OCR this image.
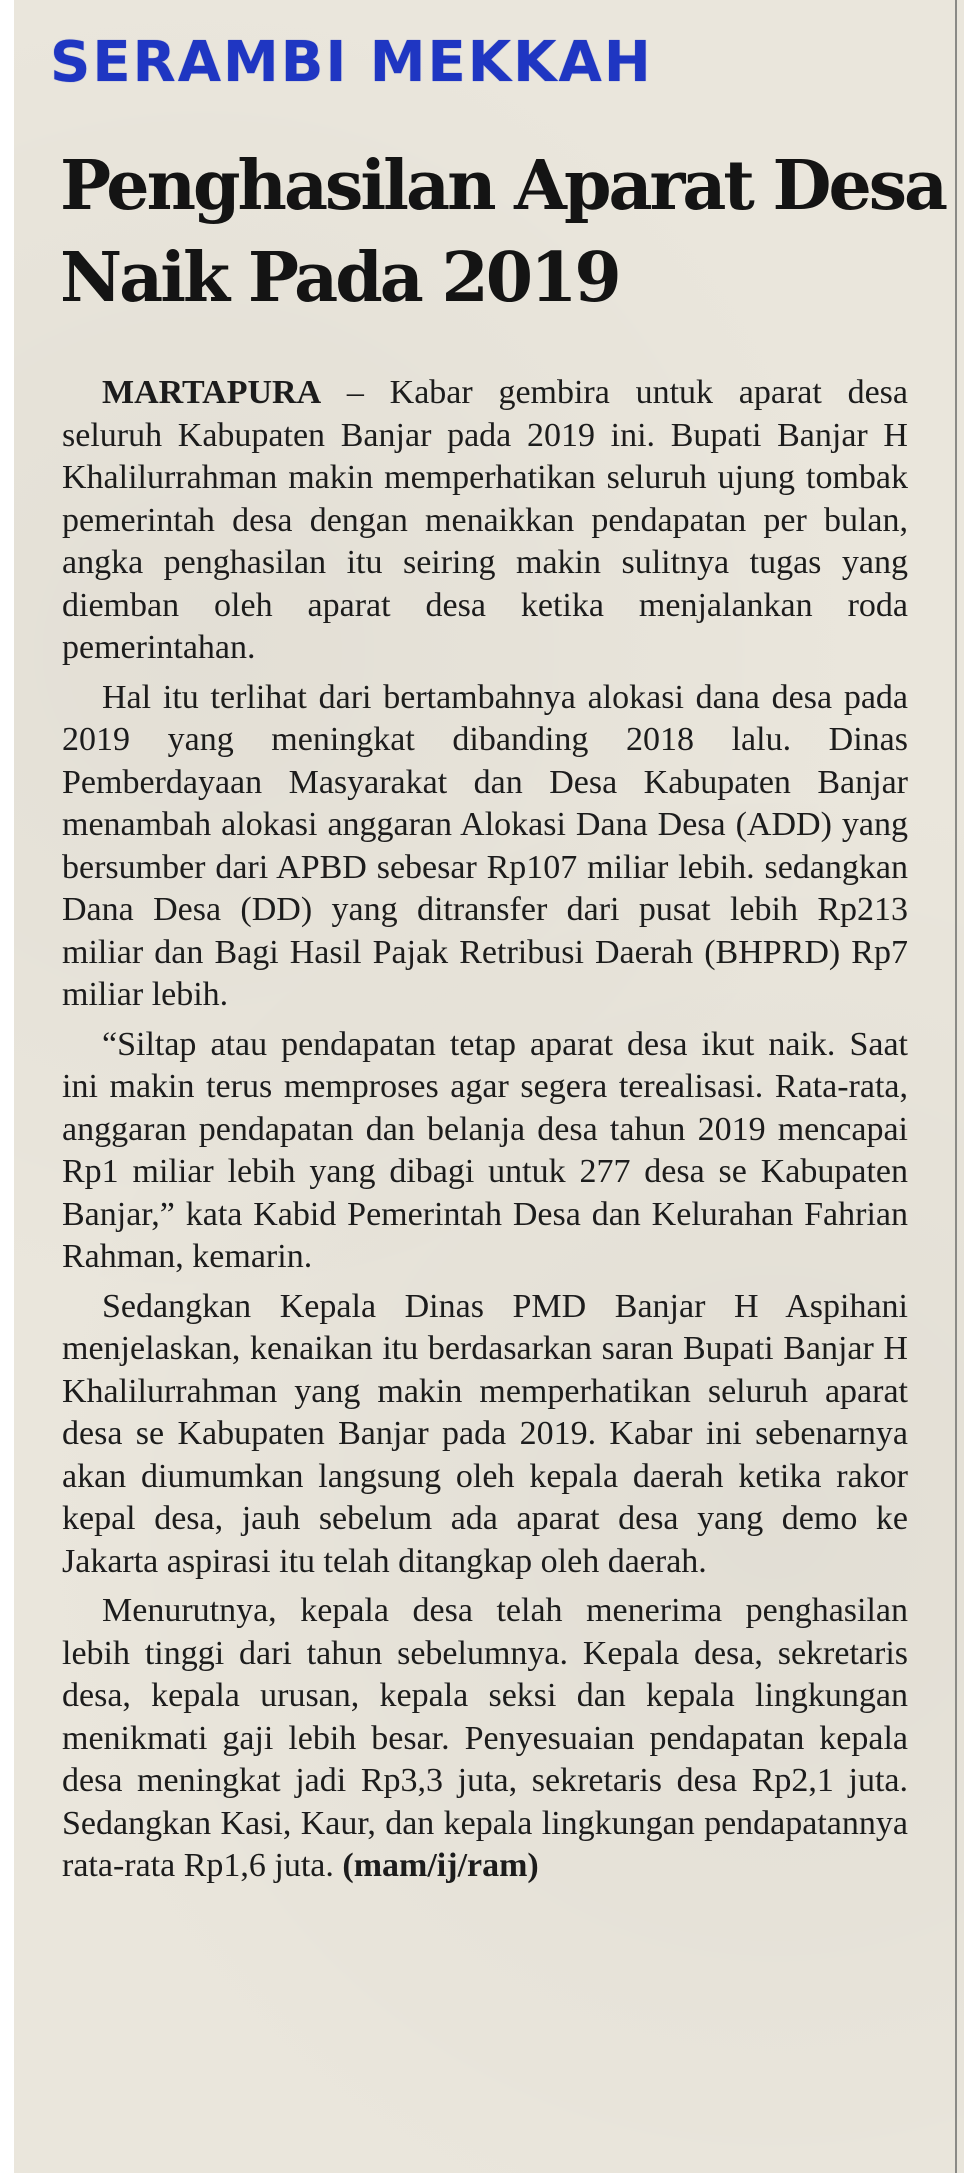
SERAMBI MEKKAH
Penghasilan Aparat Desa
Naik Pada 2019

MARTAPURA – Kabar gembira untuk aparat desa seluruh Kabupaten Banjar pada 2019 ini. Bupati Banjar H Khalilurrahman makin memperhatikan seluruh ujung tombak pemerintah desa dengan menaikkan pendapatan per bulan, angka penghasilan itu seiring makin sulitnya tugas yang diemban oleh aparat desa ketika menjalankan roda pemerintahan.

Hal itu terlihat dari bertambahnya alokasi dana desa pada 2019 yang meningkat dibanding 2018 lalu. Dinas Pemberdayaan Masyarakat dan Desa Kabupaten Banjar menambah alokasi anggaran Alokasi Dana Desa (ADD) yang bersumber dari APBD sebesar Rp107 miliar lebih. sedangkan Dana Desa (DD) yang ditransfer dari pusat lebih Rp213 miliar dan Bagi Hasil Pajak Retribusi Daerah (BHPRD) Rp7 miliar lebih.

“Siltap atau pendapatan tetap aparat desa ikut naik. Saat ini makin terus memproses agar segera terealisasi. Rata-rata, anggaran pendapatan dan belanja desa tahun 2019 mencapai Rp1 miliar lebih yang dibagi untuk 277 desa se Kabupaten Banjar,” kata Kabid Pemerintah Desa dan Kelurahan Fahrian Rahman, kemarin.

Sedangkan Kepala Dinas PMD Banjar H Aspihani menjelaskan, kenaikan itu berdasarkan saran Bupati Banjar H Khalilurrahman yang makin memperhatikan seluruh aparat desa se Kabupaten Banjar pada 2019. Kabar ini sebenarnya akan diumumkan langsung oleh kepala daerah ketika rakor kepal desa, jauh sebelum ada aparat desa yang demo ke Jakarta aspirasi itu telah ditangkap oleh daerah.

Menurutnya, kepala desa telah menerima penghasilan lebih tinggi dari tahun sebelumnya. Kepala desa, sekretaris desa, kepala urusan, kepala seksi dan kepala lingkungan menikmati gaji lebih besar. Penyesuaian pendapatan kepala desa meningkat jadi Rp3,3 juta, sekretaris desa Rp2,1 juta. Sedangkan Kasi, Kaur, dan kepala lingkungan pendapatannya rata-rata Rp1,6 juta. (mam/ij/ram)
